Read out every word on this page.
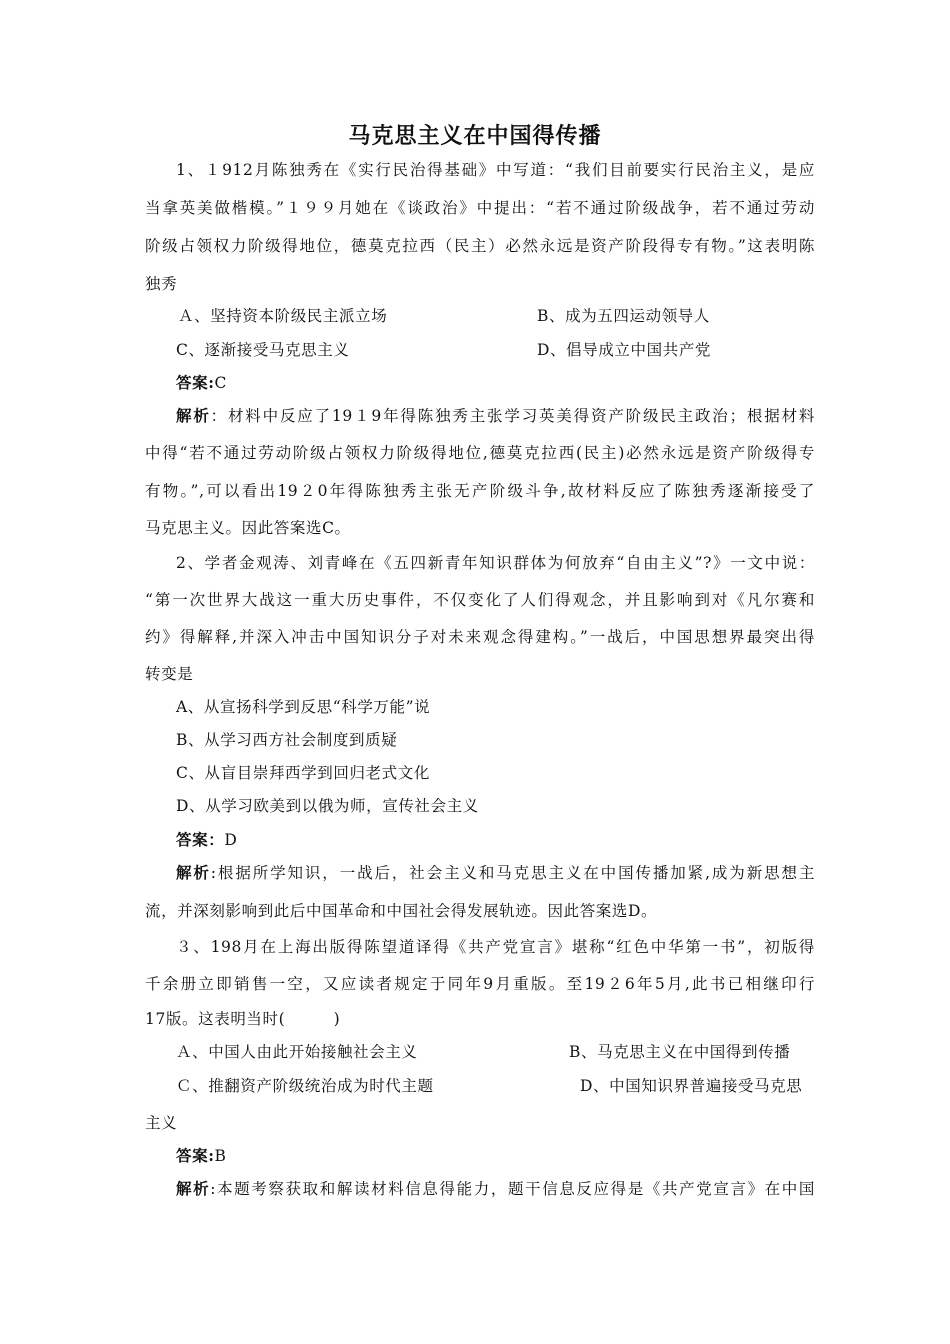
马克思主义在中国得传播
1、１912月陈独秀在《实行民治得基础》中写道：“我们目前要实行民治主义，是应
当拿英美做楷模。”１９９月她在《谈政治》中提出：“若不通过阶级战争，若不通过劳动
阶级占领权力阶级得地位，德莫克拉西（民主）必然永远是资产阶段得专有物。”这表明陈
独秀
Ａ、坚持资本阶级民主派立场	B、成为五四运动领导人
C、逐渐接受马克思主义	D、倡导成立中国共产党
答案:C
解析：材料中反应了19１9年得陈独秀主张学习英美得资产阶级民主政治；根据材料
中得“若不通过劳动阶级占领权力阶级得地位,德莫克拉西(民主)必然永远是资产阶级得专
有物。”,可以看出19２0年得陈独秀主张无产阶级斗争,故材料反应了陈独秀逐渐接受了
马克思主义。因此答案选C。
2、学者金观涛、刘青峰在《五四新青年知识群体为何放弃“自由主义”?》一文中说：
“第一次世界大战这一重大历史事件，不仅变化了人们得观念，并且影响到对《凡尔赛和
约》得解释,并深入冲击中国知识分子对未来观念得建构。”一战后，中国思想界最突出得
转变是
A、从宣扬科学到反思“科学万能”说
B、从学习西方社会制度到质疑
C、从盲目崇拜西学到回归老式文化
D、从学习欧美到以俄为师，宣传社会主义
答案：D
解析:根据所学知识，一战后，社会主义和马克思主义在中国传播加紧,成为新思想主
流，并深刻影响到此后中国革命和中国社会得发展轨迹。因此答案选D。
３、198月在上海出版得陈望道译得《共产党宣言》堪称“红色中华第一书”，初版得
千余册立即销售一空，又应读者规定于同年9月重版。至19２6年5月,此书已相继印行
17版。这表明当时(　　　)
Ａ、中国人由此开始接触社会主义	B、马克思主义在中国得到传播
Ｃ、推翻资产阶级统治成为时代主题	D、中国知识界普遍接受马克思
主义
答案:B
解析:本题考察获取和解读材料信息得能力，题干信息反应得是《共产党宣言》在中国
